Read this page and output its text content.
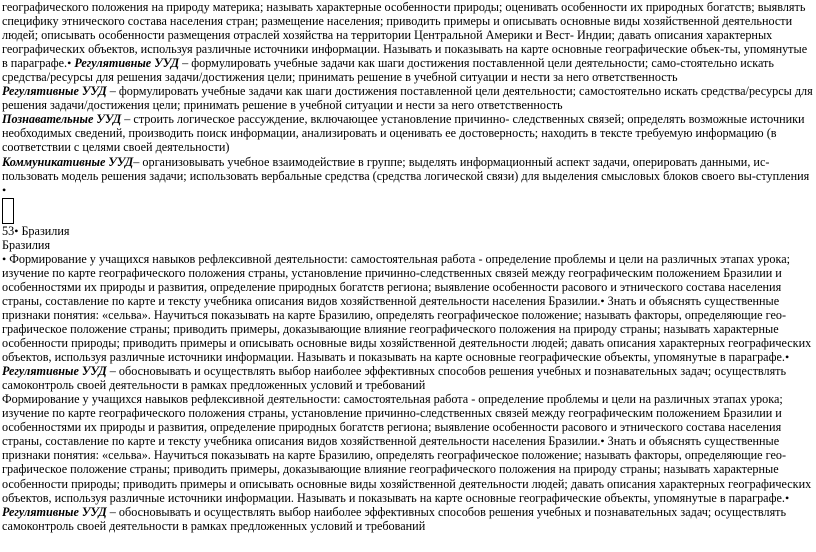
географического положения на природу материка; называть характерные особенности природы; оценивать особенности их природных богатств; выявлять специфику этнического состава населения стран; размещение населения; приводить примеры и описывать основные виды хозяйственной деятельности людей; описывать особенности размещения отраслей хозяйства на территории Центральной Америки и Вест- Индии; давать описания характерных географических объектов, используя различные источники информации. Называть и показывать на карте основные географические объек-ты, упомянутые в параграфе.• Регулятивные УУД – формулировать учебные задачи как шаги достижения поставленной цели деятельности; само-стоятельно искать средства/ресурсы для решения задачи/достижения цели; принимать решение в учебной ситуации и нести за него ответственность

Регулятивные УУД – формулировать учебные задачи как шаги достижения поставленной цели деятельности; самостоятельно искать средства/ресурсы для решения задачи/достижения цели; принимать решение в учебной ситуации и нести за него ответственность

Познавательные УУД – строить логическое рассуждение, включающее установление причинно- следственных связей; определять возможные источники необходимых сведений, производить поиск информации, анализировать и оценивать ее достоверность; находить в тексте требуемую информацию (в соответствии с целями своей деятельности)

Коммуникативные УУД– организовывать учебное взаимодействие в группе; выделять информационный аспект задачи, оперировать данными, ис-пользовать модель решения задачи; использовать вербальные средства (средства логической связи) для выделения смысловых блоков своего вы-ступления

•

53• Бразилия

Бразилия

• Формирование у учащихся навыков рефлексивной деятельности: самостоятельная работа - определение проблемы и цели на различных этапах урока; изучение по карте географического положения страны, установление причинно-следственных связей между географическим положением Бразилии и особенностями их природы и развития, определение природных богатств региона; выявление особенности расового и этнического состава населения страны, составление по карте и тексту учебника описания видов хозяйственной деятельности населения Бразилии.• Знать и объяснять существенные признаки понятия: «сельва». Научиться показывать на карте Бразилию, определять географическое положение; называть факторы, определяющие гео-графическое положение страны; приводить примеры, доказывающие влияние географического положения на природу страны; называть характерные особенности природы; приводить примеры и описывать основные виды хозяйственной деятельности людей; давать описания характерных географических объектов, используя различные источники информации. Называть и показывать на карте основные географические объекты, упомянутые в параграфе.• Регулятивные УУД – обосновывать и осуществлять выбор наиболее эффективных способов решения учебных и познавательных задач; осуществлять самоконтроль своей деятельности в рамках предложенных условий и требований

Формирование у учащихся навыков рефлексивной деятельности: самостоятельная работа - определение проблемы и цели на различных этапах урока; изучение по карте географического положения страны, установление причинно-следственных связей между географическим положением Бразилии и особенностями их природы и развития, определение природных богатств региона; выявление особенности расового и этнического состава населения страны, составление по карте и тексту учебника описания видов хозяйственной деятельности населения Бразилии.• Знать и объяснять существенные признаки понятия: «сельва». Научиться показывать на карте Бразилию, определять географическое положение; называть факторы, определяющие гео-графическое положение страны; приводить примеры, доказывающие влияние географического положения на природу страны; называть характерные особенности природы; приводить примеры и описывать основные виды хозяйственной деятельности людей; давать описания характерных географических объектов, используя различные источники информации. Называть и показывать на карте основные географические объекты, упомянутые в параграфе.• Регулятивные УУД – обосновывать и осуществлять выбор наиболее эффективных способов решения учебных и познавательных задач; осуществлять самоконтроль своей деятельности в рамках предложенных условий и требований
